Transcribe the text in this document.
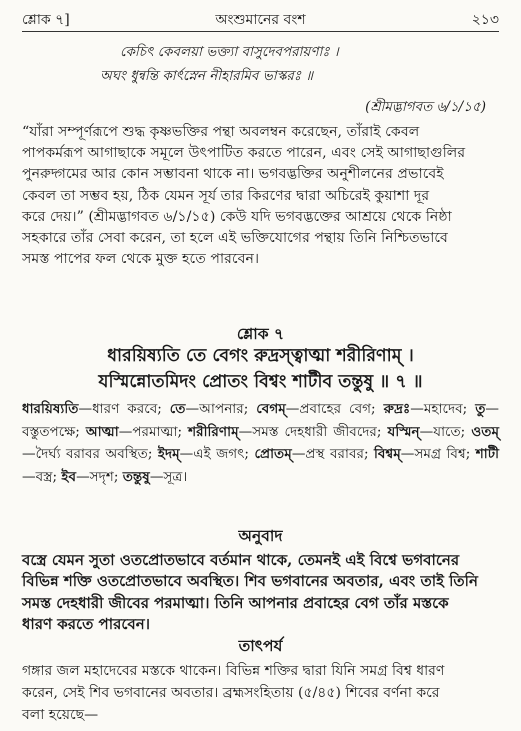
শ্লোক ৭]	অংশুমানের বংশ	২১৩
কেচিৎ কেবলয়া ভক্ত্যা বাসুদেবপরায়ণাঃ ।
অঘং ধুন্বন্তি কার্ৎস্নেন নীহারমিব ভাস্করঃ ॥
(শ্রীমদ্ভাগবত ৬/১/১৫)
“যাঁরা সম্পূর্ণরূপে শুদ্ধ কৃষ্ণভক্তির পন্থা অবলম্বন করেছেন, তাঁরাই কেবল
পাপকর্মরূপ আগাছাকে সমূলে উৎপাটিত করতে পারেন, এবং সেই আগাছাগুলির
পুনরুদ্গমের আর কোন সম্ভাবনা থাকে না। ভগবদ্ভক্তির অনুশীলনের প্রভাবেই
কেবল তা সম্ভব হয়, ঠিক যেমন সূর্য তার কিরণের দ্বারা অচিরেই কুয়াশা দূর
করে দেয়।” (শ্রীমদ্ভাগবত ৬/১/১৫) কেউ যদি ভগবদ্ভক্তের আশ্রয়ে থেকে নিষ্ঠা
সহকারে তাঁর সেবা করেন, তা হলে এই ভক্তিযোগের পন্থায় তিনি নিশ্চিতভাবে
সমস্ত পাপের ফল থেকে মুক্ত হতে পারবেন।
শ্লোক ৭
ধারয়িষ্যতি তে বেগং রুদ্রস্ত্বাত্মা শরীরিণাম্ ।
যস্মিন্নোতমিদং প্রোতং বিশ্বং শাটীব তন্তুষু ॥ ৭ ॥
ধারয়িষ্যতি—ধারণ করবে; তে—আপনার; বেগম্—প্রবাহের বেগ; রুদ্রঃ—মহাদেব; তু—বস্তুতপক্ষে; আত্মা—পরমাত্মা; শরীরিণাম্—সমস্ত দেহধারী জীবদের; যস্মিন্—যাতে; ওতম্—দৈর্ঘ্য বরাবর অবস্থিত; ইদম্—এই জগৎ; প্রোতম্—প্রস্থ বরাবর; বিশ্বম্—সমগ্র বিশ্ব; শাটী—বস্ত্র; ইব—সদৃশ; তন্তুষু—সূত্র।
অনুবাদ
বস্ত্রে যেমন সুতা ওতপ্রোতভাবে বর্তমান থাকে, তেমনই এই বিশ্বে ভগবানের
বিভিন্ন শক্তি ওতপ্রোতভাবে অবস্থিত। শিব ভগবানের অবতার, এবং তাই তিনি
সমস্ত দেহধারী জীবের পরমাত্মা। তিনি আপনার প্রবাহের বেগ তাঁর মস্তকে
ধারণ করতে পারবেন।
তাৎপর্য
গঙ্গার জল মহাদেবের মস্তকে থাকেন। বিভিন্ন শক্তির দ্বারা যিনি সমগ্র বিশ্ব ধারণ
করেন, সেই শিব ভগবানের অবতার। ব্রহ্মসংহিতায় (৫/৪৫) শিবের বর্ণনা করে
বলা হয়েছে—
